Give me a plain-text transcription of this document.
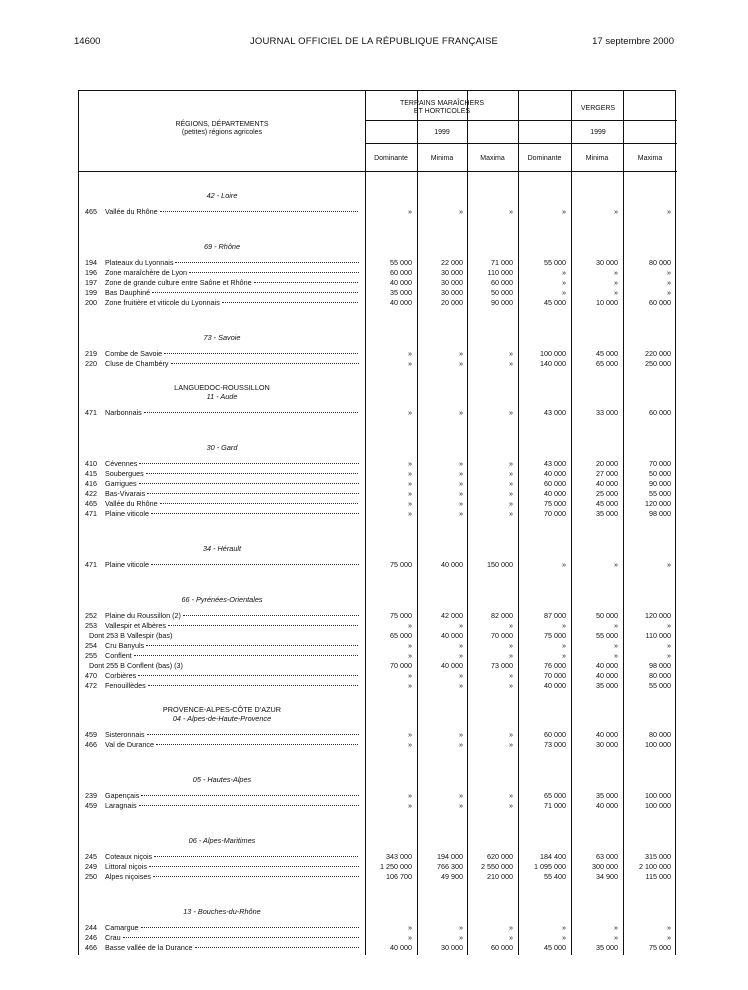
14600	JOURNAL OFFICIEL DE LA RÉPUBLIQUE FRANÇAISE	17 septembre 2000
RÉGIONS, DÉPARTEMENTS
(petites) régions agricoles
TERRAINS MARAÎCHERS
ET HORTICOLES	VERGERS
1999	1999
Dominante	Minima	Maxima	Dominante	Minima	Maxima
42 - Loire
465	Vallée du Rhône	»	»	»	»	»	»
69 - Rhône
194	Plateaux du Lyonnais	55 000	22 000	71 000	55 000	30 000	80 000
196	Zone maraîchère de Lyon	60 000	30 000	110 000	»	»	»
197	Zone de grande culture entre Saône et Rhône	40 000	30 000	60 000	»	»	»
199	Bas Dauphiné	35 000	30 000	50 000	»	»	»
200	Zone fruitière et viticole du Lyonnais	40 000	20 000	90 000	45 000	10 000	60 000
73 - Savoie
219	Combe de Savoie	»	»	»	100 000	45 000	220 000
220	Cluse de Chambéry	»	»	»	140 000	65 000	250 000
LANGUEDOC-ROUSSILLON
11 - Aude
471	Narbonnais	»	»	»	43 000	33 000	60 000
30 - Gard
410	Cévennes	»	»	»	43 000	20 000	70 000
415	Soubergues	»	»	»	40 000	27 000	50 000
416	Garrigues	»	»	»	60 000	40 000	90 000
422	Bas-Vivarais	»	»	»	40 000	25 000	55 000
465	Vallée du Rhône	»	»	»	75 000	45 000	120 000
471	Plaine viticole	»	»	»	70 000	35 000	98 000
34 - Hérault
471	Plaine viticole	75 000	40 000	150 000	»	»	»
66 - Pyrénées-Orientales
252	Plaine du Roussillon (2)	75 000	42 000	82 000	87 000	50 000	120 000
253	Vallespir et Albères	»	»	»	»	»	»
Dont 253 B Vallespir (bas)	65 000	40 000	70 000	75 000	55 000	110 000
254	Cru Banyuls	»	»	»	»	»	»
255	Conflent	»	»	»	»	»	»
Dont 255 B Conflent (bas) (3)	70 000	40 000	73 000	76 000	40 000	98 000
470	Corbières	»	»	»	70 000	40 000	80 000
472	Fenouillèdes	»	»	»	40 000	35 000	55 000
PROVENCE-ALPES-CÔTE D'AZUR
04 - Alpes-de-Haute-Provence
459	Sisteronnais	»	»	»	60 000	40 000	80 000
466	Val de Durance	»	»	»	73 000	30 000	100 000
05 - Hautes-Alpes
239	Gapençais	»	»	»	65 000	35 000	100 000
459	Laragnais	»	»	»	71 000	40 000	100 000
06 - Alpes-Maritimes
245	Coteaux niçois	343 000	194 000	620 000	184 400	63 000	315 000
249	Littoral niçois	1 250 000	766 300	2 550 000	1 095 000	300 000	2 100 000
250	Alpes niçoises	106 700	49 900	210 000	55 400	34 900	115 000
13 - Bouches-du-Rhône
244	Camargue	»	»	»	»	»	»
246	Crau	»	»	»	»	»	»
466	Basse vallée de la Durance	40 000	30 000	60 000	45 000	35 000	75 000
